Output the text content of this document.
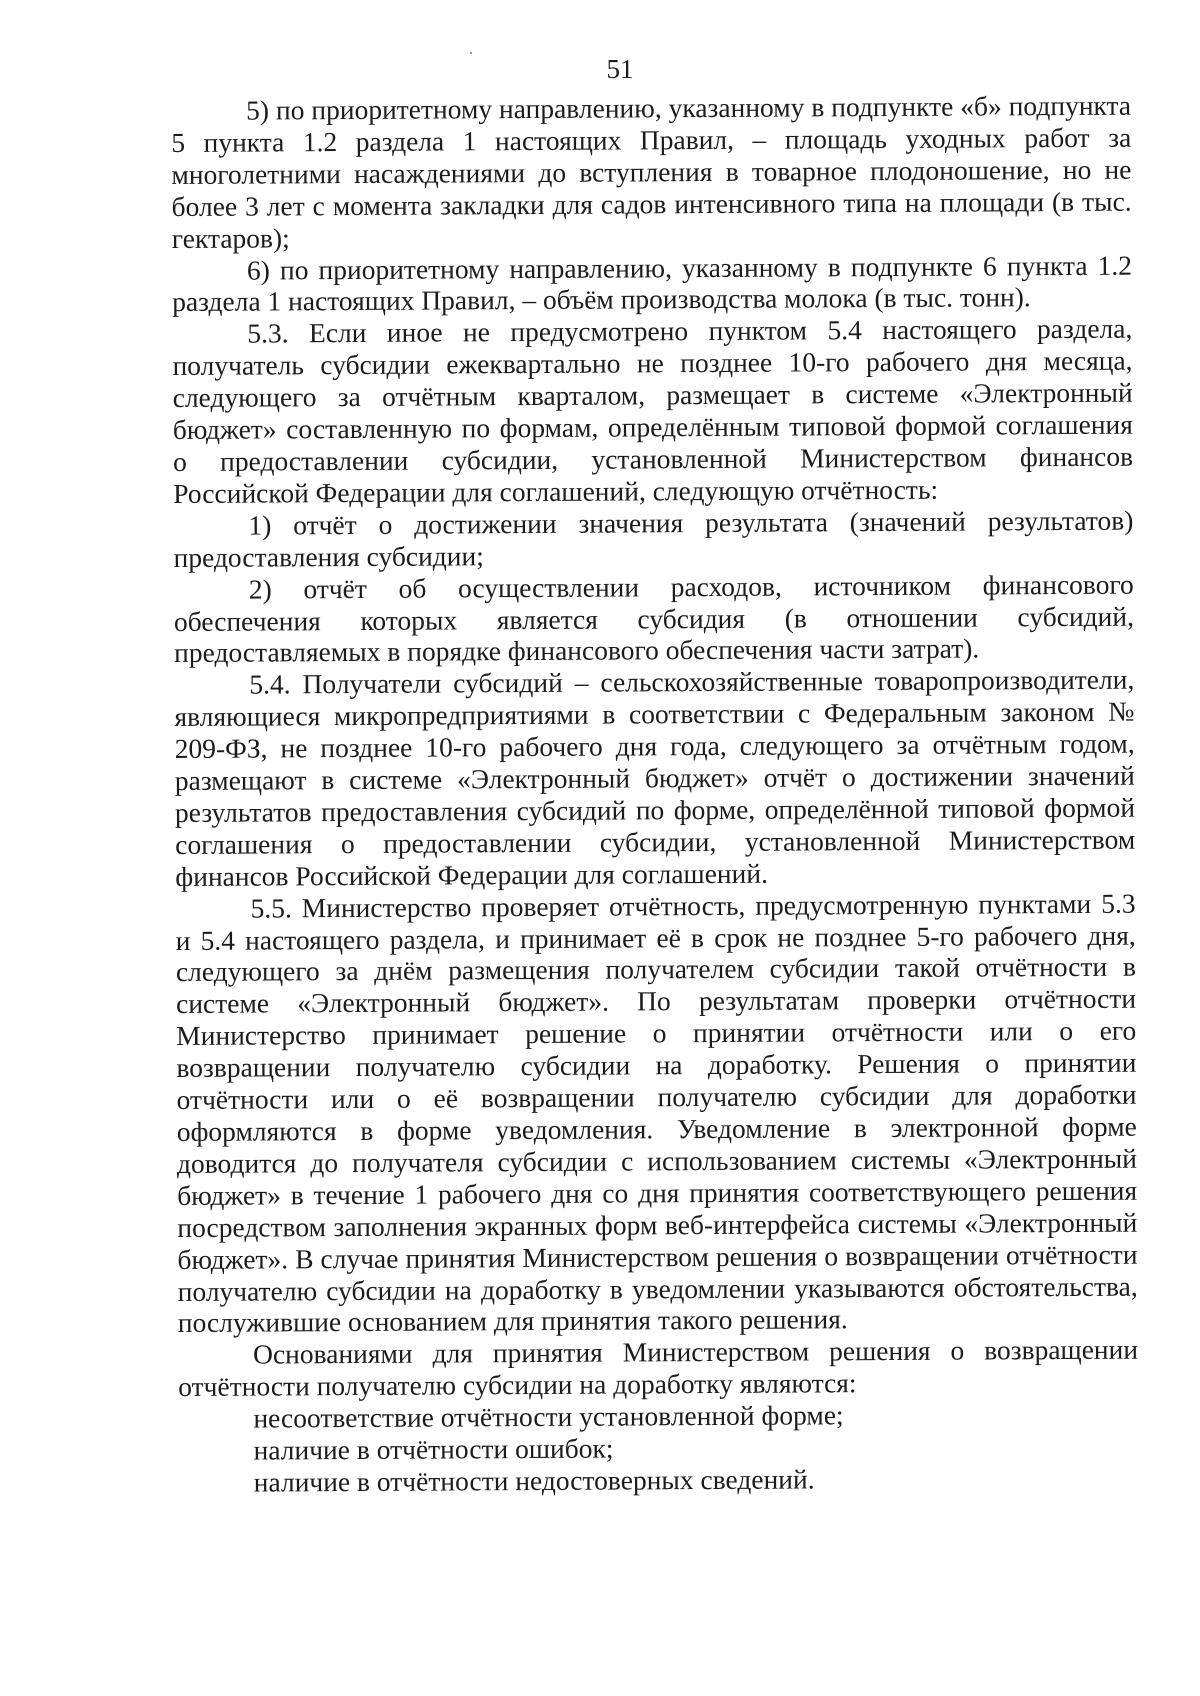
51

5) по приоритетному направлению, указанному в подпункте «б» подпункта 5 пункта 1.2 раздела 1 настоящих Правил, – площадь уходных работ за многолетними насаждениями до вступления в товарное плодоношение, но не более 3 лет с момента закладки для садов интенсивного типа на площади (в тыс. гектаров);

6) по приоритетному направлению, указанному в подпункте 6 пункта 1.2 раздела 1 настоящих Правил, – объём производства молока (в тыс. тонн).

5.3. Если иное не предусмотрено пунктом 5.4 настоящего раздела, получатель субсидии ежеквартально не позднее 10-го рабочего дня месяца, следующего за отчётным кварталом, размещает в системе «Электронный бюджет» составленную по формам, определённым типовой формой соглашения о предоставлении субсидии, установленной Министерством финансов Российской Федерации для соглашений, следующую отчётность:

1) отчёт о достижении значения результата (значений результатов) предоставления субсидии;

2) отчёт об осуществлении расходов, источником финансового обеспечения которых является субсидия (в отношении субсидий, предоставляемых в порядке финансового обеспечения части затрат).

5.4. Получатели субсидий – сельскохозяйственные товаропроизводители, являющиеся микропредприятиями в соответствии с Федеральным законом № 209-ФЗ, не позднее 10-го рабочего дня года, следующего за отчётным годом, размещают в системе «Электронный бюджет» отчёт о достижении значений результатов предоставления субсидий по форме, определённой типовой формой соглашения о предоставлении субсидии, установленной Министерством финансов Российской Федерации для соглашений.

5.5. Министерство проверяет отчётность, предусмотренную пунктами 5.3 и 5.4 настоящего раздела, и принимает её в срок не позднее 5-го рабочего дня, следующего за днём размещения получателем субсидии такой отчётности в системе «Электронный бюджет». По результатам проверки отчётности Министерство принимает решение о принятии отчётности или о его возвращении получателю субсидии на доработку. Решения о принятии отчётности или о её возвращении получателю субсидии для доработки оформляются в форме уведомления. Уведомление в электронной форме доводится до получателя субсидии с использованием системы «Электронный бюджет» в течение 1 рабочего дня со дня принятия соответствующего решения посредством заполнения экранных форм веб-интерфейса системы «Электронный бюджет». В случае принятия Министерством решения о возвращении отчётности получателю субсидии на доработку в уведомлении указываются обстоятельства, послужившие основанием для принятия такого решения.

Основаниями для принятия Министерством решения о возвращении отчётности получателю субсидии на доработку являются:

несоответствие отчётности установленной форме;

наличие в отчётности ошибок;

наличие в отчётности недостоверных сведений.
